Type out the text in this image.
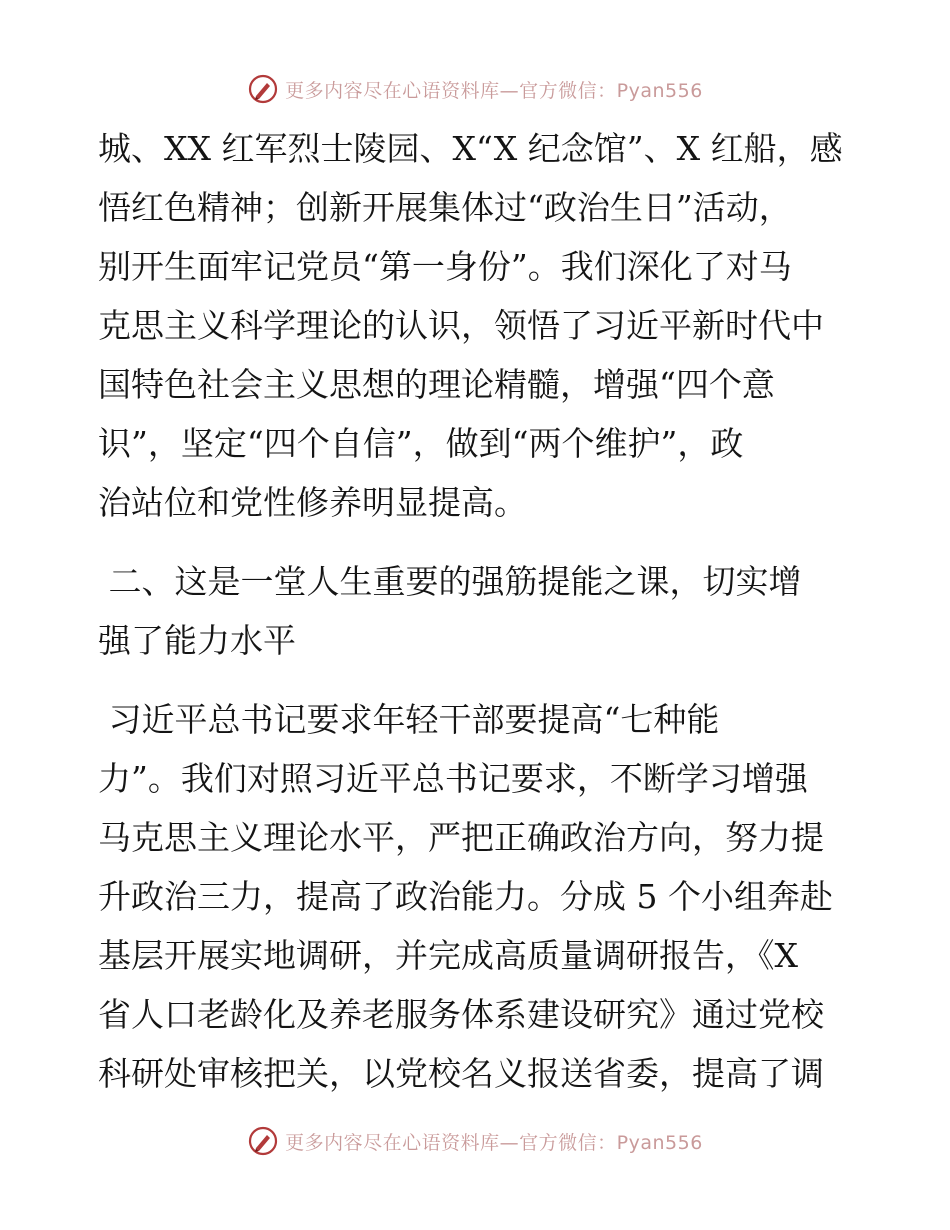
更多内容尽在心语资料库—官方微信：Pyan556
城、XX 红军烈士陵园、X“X 纪念馆”、X 红船，感
悟红色精神；创新开展集体过“政治生日”活动，
别开生面牢记党员“第一身份”。我们深化了对马
克思主义科学理论的认识，领悟了习近平新时代中
国特色社会主义思想的理论精髓，增强“四个意
识”，坚定“四个自信”，做到“两个维护”，政
治站位和党性修养明显提高。
二、这是一堂人生重要的强筋提能之课，切实增
强了能力水平
习近平总书记要求年轻干部要提高“七种能
力”。我们对照习近平总书记要求，不断学习增强
马克思主义理论水平，严把正确政治方向，努力提
升政治三力，提高了政治能力。分成 5 个小组奔赴
基层开展实地调研，并完成高质量调研报告，《X
省人口老龄化及养老服务体系建设研究》通过党校
科研处审核把关，以党校名义报送省委，提高了调
更多内容尽在心语资料库—官方微信：Pyan556
